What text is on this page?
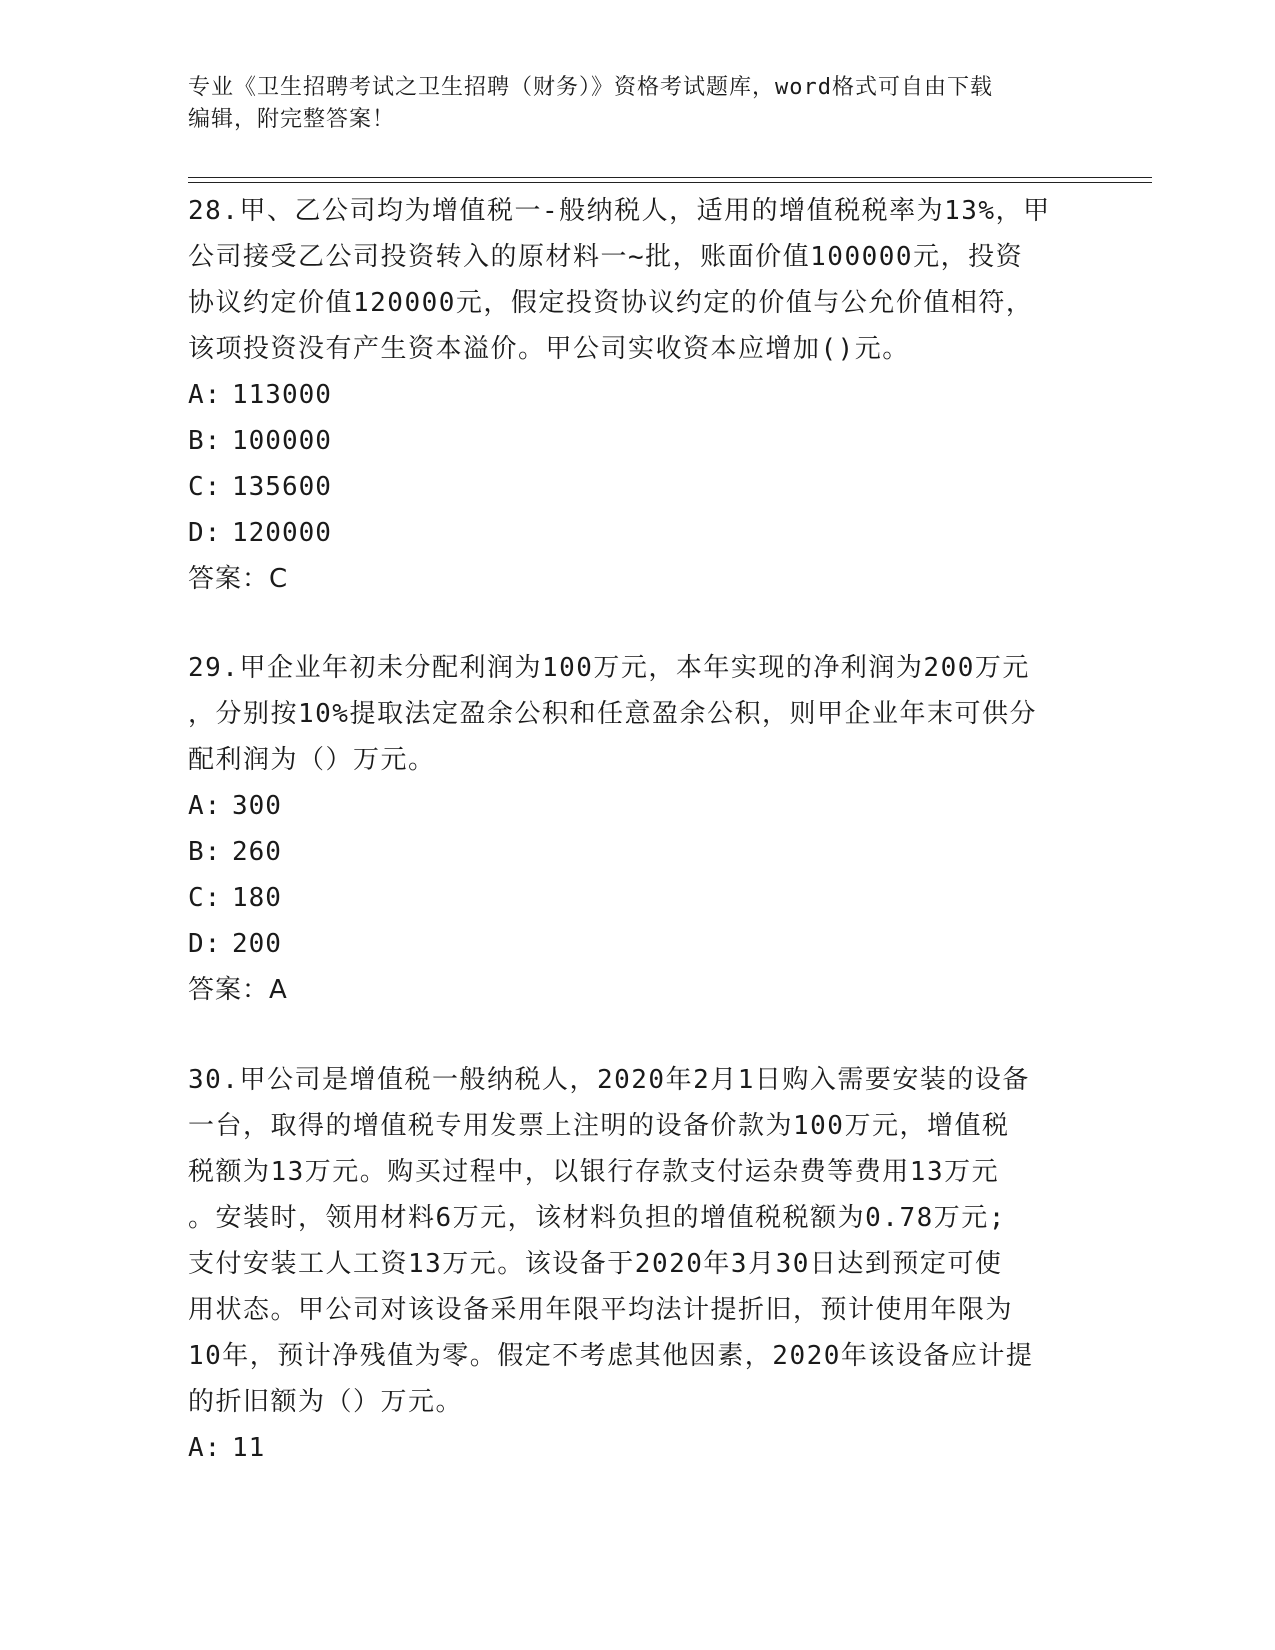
专业《卫生招聘考试之卫生招聘（财务）》资格考试题库，word格式可自由下载
编辑，附完整答案！
28.甲、乙公司均为增值税一-般纳税人，适用的增值税税率为13%，甲
公司接受乙公司投资转入的原材料一~批，账面价值100000元，投资
协议约定价值120000元，假定投资协议约定的价值与公允价值相符，
该项投资没有产生资本溢价。甲公司实收资本应增加()元。
A: 113000
B: 100000
C: 135600
D: 120000
答案：C
29.甲企业年初未分配利润为100万元，本年实现的净利润为200万元
，分别按10%提取法定盈余公积和任意盈余公积，则甲企业年末可供分
配利润为（）万元。
A: 300
B: 260
C: 180
D: 200
答案：A
30.甲公司是增值税一般纳税人，2020年2月1日购入需要安装的设备
一台，取得的增值税专用发票上注明的设备价款为100万元，增值税
税额为13万元。购买过程中，以银行存款支付运杂费等费用13万元
。安装时，领用材料6万元，该材料负担的增值税税额为0.78万元;
支付安装工人工资13万元。该设备于2020年3月30日达到预定可使
用状态。甲公司对该设备采用年限平均法计提折旧，预计使用年限为
10年，预计净残值为零。假定不考虑其他因素，2020年该设备应计提
的折旧额为（）万元。
A: 11
